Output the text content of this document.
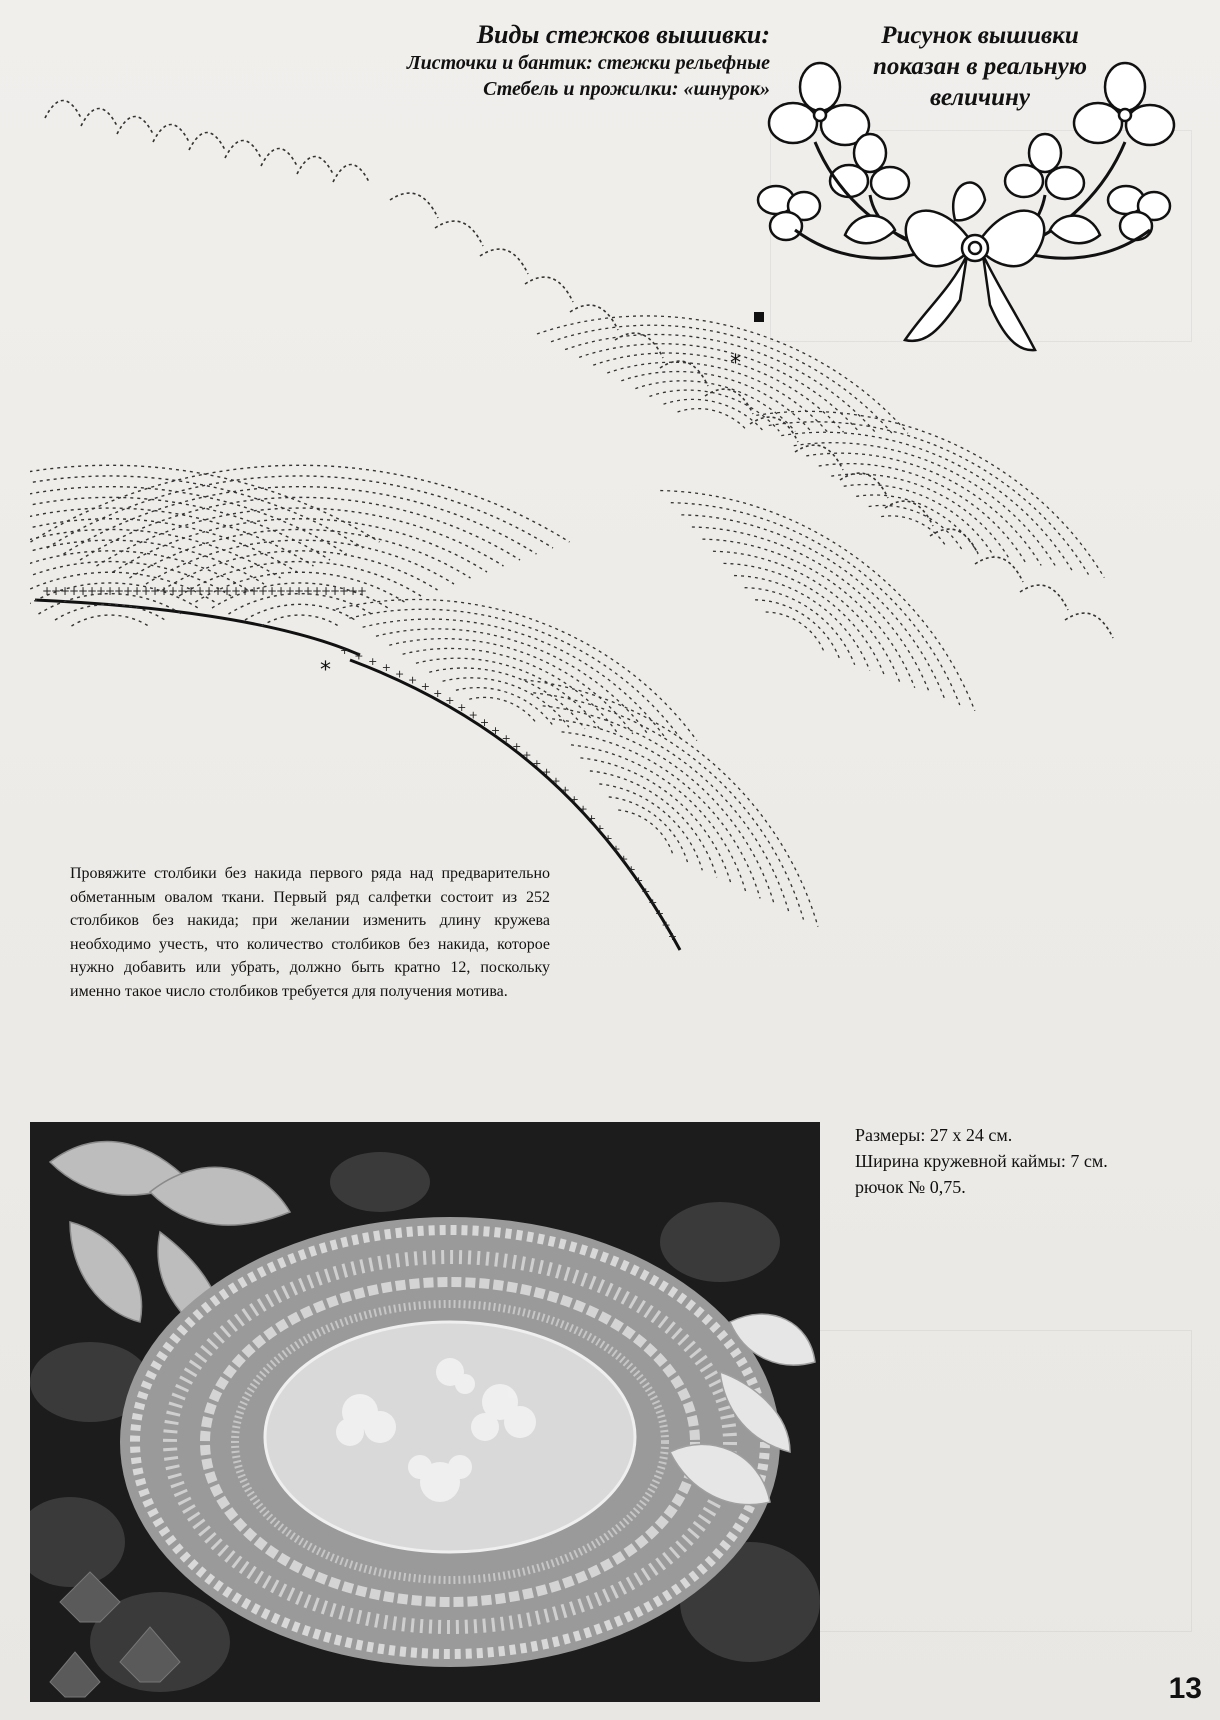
Виды стежков вышивки:
Листочки и бантик: стежки рельефные
Стебель и прожилки: «шнурок»
Рисунок вышивки
показан в реальную
величину
+
+
+
+
+
+
+
+
+
+
+
+
+
+
+
+
+
+
+
+
+
+
+
+
+
+
+
+
+
+
+
+
+
+
+
+
+ + + + + +
+
+
+
+
+
+
+
+
+
+
+
+
+
+
+
+
+
+
+
+
+
+
+
+
+
+
+
+
*
*
Провяжите столбики без накида первого ряда над предварительно обметанным овалом ткани. Первый ряд салфетки состоит из 252 столбиков без накида; при желании изменить длину кружева необходимо учесть, что количество столбиков без накида, которое нужно добавить или убрать, должно быть кратно 12, поскольку именно такое число столбиков требуется для получения мотива.
Размеры: 27 x 24 см.
Ширина кружевной каймы: 7 см.
рючок № 0,75.
13
